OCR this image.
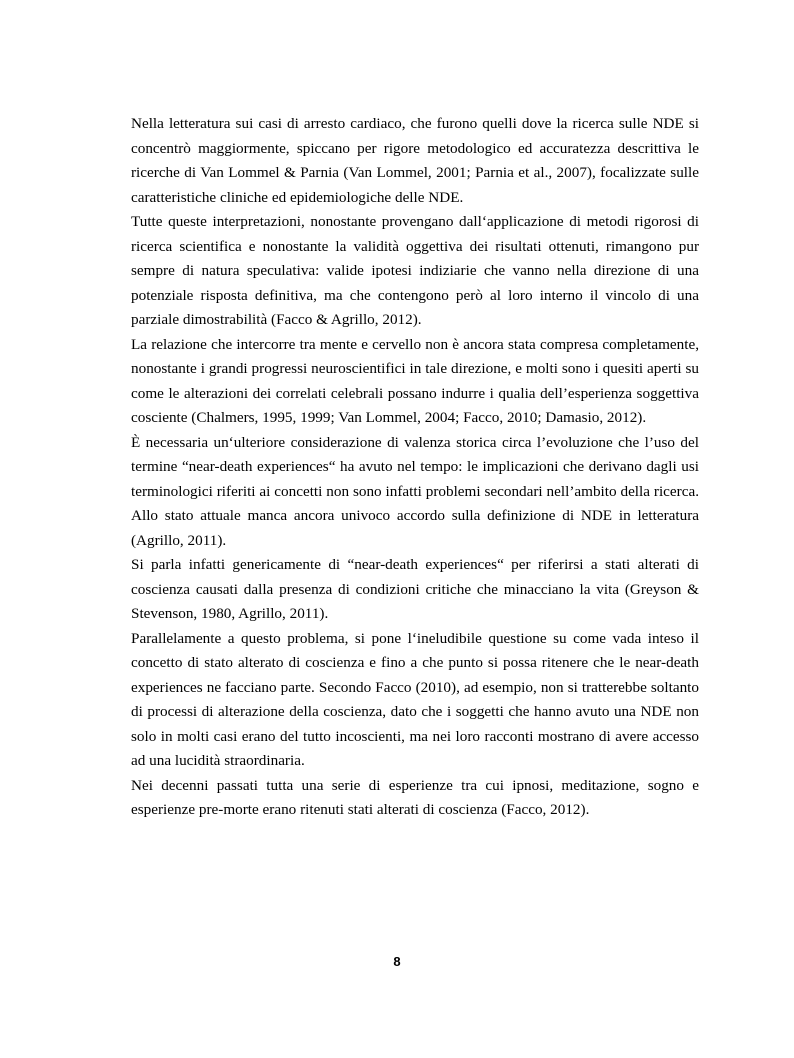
Nella letteratura sui casi di arresto cardiaco, che furono quelli dove la ricerca sulle NDE si concentrò maggiormente, spiccano per rigore metodologico ed accuratezza descrittiva le ricerche di Van Lommel & Parnia (Van Lommel, 2001; Parnia et al., 2007), focalizzate sulle caratteristiche cliniche ed epidemiologiche delle NDE.

Tutte queste interpretazioni, nonostante provengano dall‘applicazione di metodi rigorosi di ricerca scientifica e nonostante la validità oggettiva dei risultati ottenuti, rimangono pur sempre di natura speculativa: valide ipotesi indiziarie che vanno nella direzione di una potenziale risposta definitiva, ma che contengono però al loro interno il vincolo di una parziale dimostrabilità (Facco & Agrillo, 2012).

La relazione che intercorre tra mente e cervello non è ancora stata compresa completamente, nonostante i grandi progressi neuroscientifici in tale direzione, e molti sono i quesiti aperti su come le alterazioni dei correlati celebrali possano indurre i qualia dell’esperienza soggettiva cosciente (Chalmers, 1995, 1999; Van Lommel, 2004; Facco, 2010; Damasio, 2012).

È necessaria un‘ulteriore considerazione di valenza storica circa l’evoluzione che l’uso del termine “near-death experiences“ ha avuto nel tempo: le implicazioni che derivano dagli usi terminologici riferiti ai concetti non sono infatti problemi secondari nell’ambito della ricerca. Allo stato attuale manca ancora univoco accordo sulla definizione di NDE in letteratura (Agrillo, 2011).

Si parla infatti genericamente di “near-death experiences“ per riferirsi a stati alterati di coscienza causati dalla presenza di condizioni critiche che minacciano la vita (Greyson & Stevenson, 1980, Agrillo, 2011).

Parallelamente a questo problema, si pone l‘ineludibile questione su come vada inteso il concetto di stato alterato di coscienza e fino a che punto si possa ritenere che le near-death experiences ne facciano parte. Secondo Facco (2010), ad esempio, non si tratterebbe soltanto di processi di alterazione della coscienza, dato che i soggetti che hanno avuto una NDE non solo in molti casi erano del tutto incoscienti, ma nei loro racconti mostrano di avere accesso ad una lucidità straordinaria.

Nei decenni passati tutta una serie di esperienze tra cui ipnosi, meditazione, sogno e esperienze pre-morte erano ritenuti stati alterati di coscienza (Facco, 2012).

8
